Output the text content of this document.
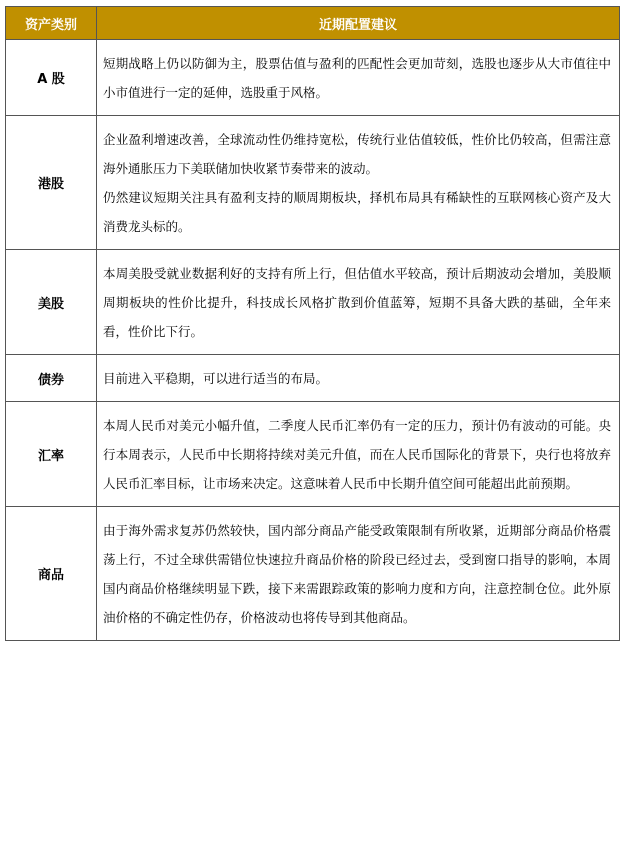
资产类别	近期配置建议
A 股	短期战略上仍以防御为主，股票估值与盈利的匹配性会更加苛刻，选股也逐步从大市值往中小市值进行一定的延伸，选股重于风格。

港股	企业盈利增速改善，全球流动性仍维持宽松，传统行业估值较低，性价比仍较高，但需注意海外通胀压力下美联储加快收紧节奏带来的波动。

仍然建议短期关注具有盈利支持的顺周期板块，择机布局具有稀缺性的互联网核心资产及大消费龙头标的。

美股	本周美股受就业数据利好的支持有所上行，但估值水平较高，预计后期波动会增加，美股顺周期板块的性价比提升，科技成长风格扩散到价值蓝筹，短期不具备大跌的基础，全年来看，性价比下行。

债券	目前进入平稳期，可以进行适当的布局。

汇率	本周人民币对美元小幅升值，二季度人民币汇率仍有一定的压力，预计仍有波动的可能。央行本周表示，人民币中长期将持续对美元升值，而在人民币国际化的背景下，央行也将放弃人民币汇率目标，让市场来决定。这意味着人民币中长期升值空间可能超出此前预期。

商品	由于海外需求复苏仍然较快，国内部分商品产能受政策限制有所收紧，近期部分商品价格震荡上行，不过全球供需错位快速拉升商品价格的阶段已经过去，受到窗口指导的影响，本周国内商品价格继续明显下跌，接下来需跟踪政策的影响力度和方向，注意控制仓位。此外原油价格的不确定性仍存，价格波动也将传导到其他商品。
